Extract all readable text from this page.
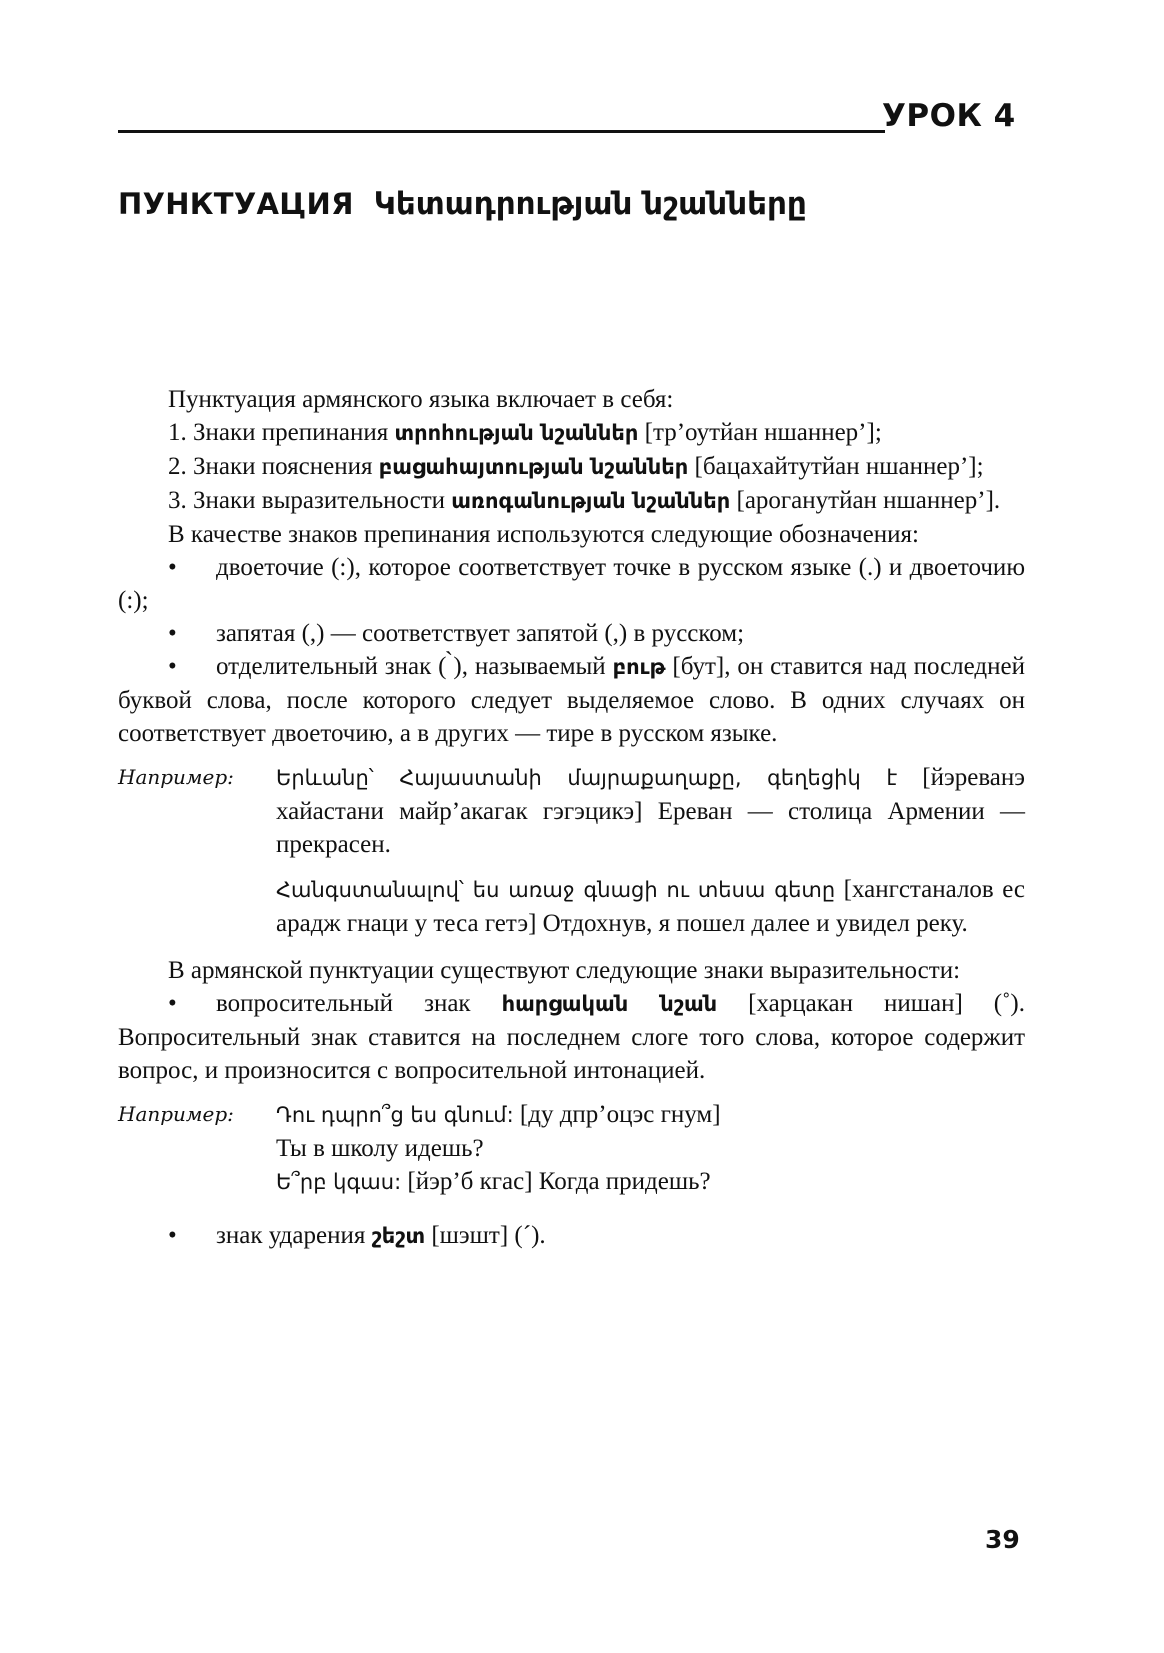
УРОК 4
ПУНКТУАЦИЯ Կետադրության նշանները

Пунктуация армянского языка включает в себя:

1. Знаки препинания տրոհության նշաններ [тр’оутйан ншаннер’];

2. Знаки пояснения բացահայտության նշաններ [бацахайтутйан ншаннер’];

3. Знаки выразительности առոգանության նշաններ [ароганутйан ншаннер’].

В качестве знаков препинания используются следующие обозначения:

• двоеточие (:), которое соответствует точке в русском языке (.) и двоеточию (:);

• запятая (,) — соответствует запятой (,) в русском;

• отделительный знак ( ̀), называемый բութ [бут], он ставится над последней буквой слова, после которого следует выделяемое слово. В одних случаях он соответствует двоеточию, а в других — тире в русском языке.

Например: Երևանը՝ Հայաստանի մայրաքաղաքը, գեղեցիկ է [йэреванэ хайастани майр’акагак гэгэцикэ] Ереван — столица Армении — прекрасен.

Հանգստանալով՝ ես առաջ գնացի ու տեսա գետը [хангстаналов ес арадж гнаци у теса гетэ] Отдохнув, я пошел далее и увидел реку.

В армянской пунктуации существуют следующие знаки выразительности:

• вопросительный знак հարցական նշան [харцакан нишан] (˚). Вопросительный знак ставится на последнем слоге того слова, которое содержит вопрос, и произносится с вопросительной интонацией.

Например: Դու դպրո՞ց ես գնում: [ду дпр’оцэс гнум]

Ты в школу идешь?

Ե՞րբ կգաս: [йэр’б кгас] Когда придешь?

• знак ударения շեշտ [шэшт] (´).

39
